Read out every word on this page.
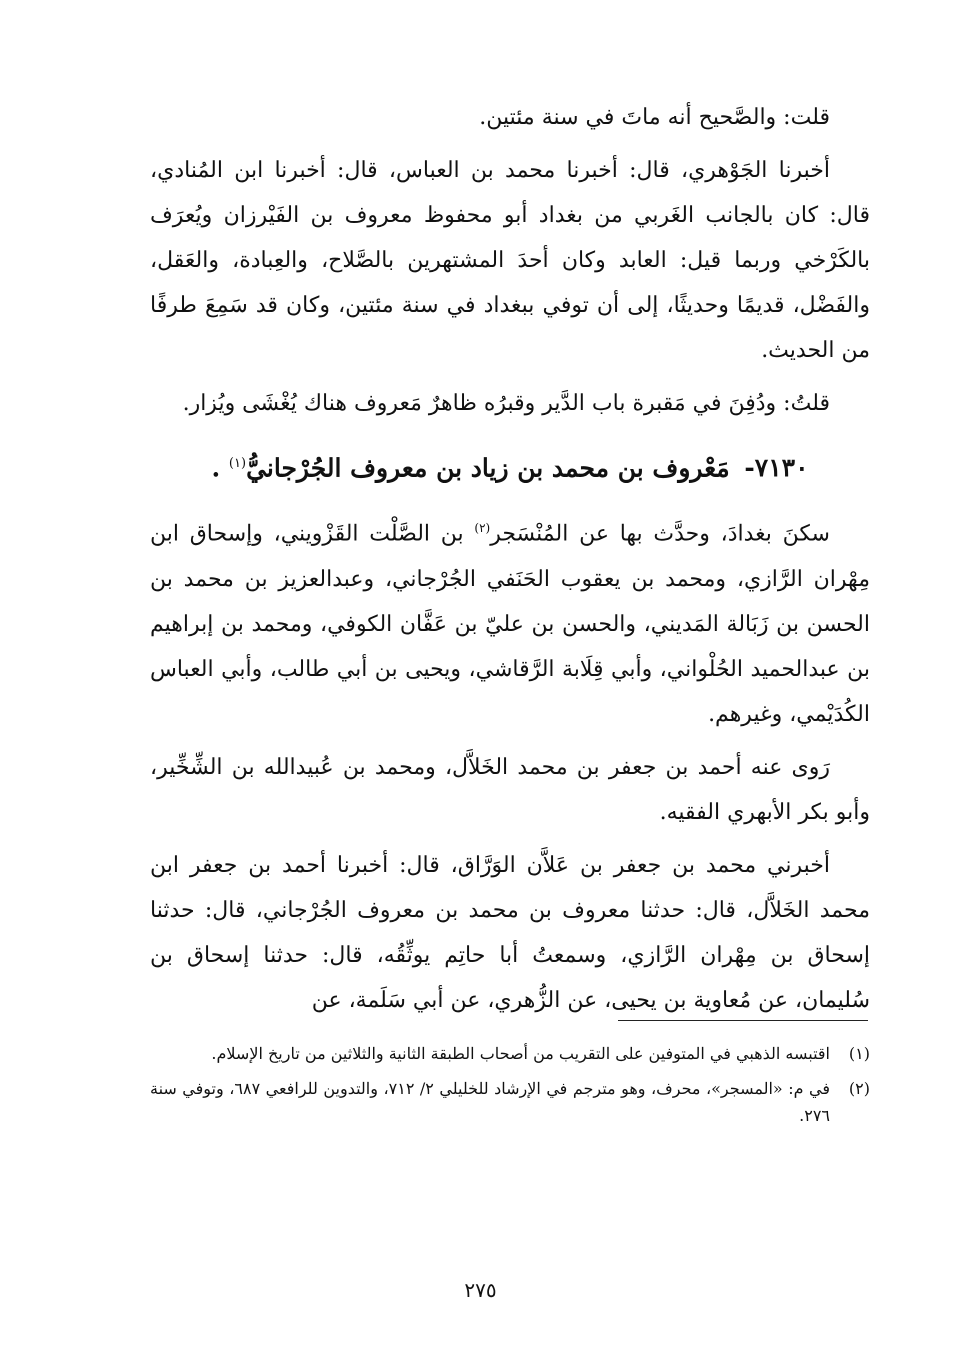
قلت: والصَّحيح أنه ماتَ في سنة مئتين.

أخبرنا الجَوْهري، قال: أخبرنا محمد بن العباس، قال: أخبرنا ابن المُنادي، قال: كان بالجانب الغَربي من بغداد أبو محفوظ معروف بن الفَيْرزان ويُعرَف بالكَرْخي وربما قيل: العابد وكان أحدَ المشتهرين بالصَّلاح، والعِبادة، والعَقل، والفَضْل، قديمًا وحديثًا، إلى أن توفي ببغداد في سنة مئتين، وكان قد سَمِعَ طرفًا من الحديث.

قلتُ: ودُفِنَ في مَقبرة باب الدَّير وقبرُه ظاهرٌ مَعروف هناك يُغْشَى ويُزار.

٧١٣٠- مَعْروف بن محمد بن زياد بن معروف الجُرْجانيُّ$^{(١)}$ .

سكنَ بغدادَ، وحدَّث بها عن المُنْسَجر$^{(٢)}$ بن الصَّلْت القَزْويني، وإسحاق ابن مِهْران الرَّازي، ومحمد بن يعقوب الحَنَفي الجُرْجاني، وعبدالعزيز بن محمد بن الحسن بن زَبَالة المَديني، والحسن بن عليّ بن عَفَّان الكوفي، ومحمد بن إبراهيم بن عبدالحميد الحُلْواني، وأبي قِلَابة الرَّقاشي، ويحيى بن أبي طالب، وأبي العباس الكُدَيْمي، وغيرهم.

رَوى عنه أحمد بن جعفر بن محمد الخَلاَّل، ومحمد بن عُبيدالله بن الشِّخِّير، وأبو بكر الأبهري الفقيه.

أخبرني محمد بن جعفر بن عَلاَّن الوَرَّاق، قال: أخبرنا أحمد بن جعفر ابن محمد الخَلاَّل، قال: حدثنا معروف بن محمد بن معروف الجُرْجاني، قال: حدثنا إسحاق بن مِهْران الرَّازي، وسمعتُ أبا حاتِم يوثِّقُه، قال: حدثنا إسحاق بن سُليمان، عن مُعاوية بن يحيى، عن الزُّهري، عن أبي سَلَمة، عن

(١)
اقتبسه الذهبي في المتوفين على التقريب من أصحاب الطبقة الثانية والثلاثين من تاريخ الإسلام.
(٢)
في م: «المسجر»، محرف، وهو مترجم في الإرشاد للخليلي ٢/ ٧١٢، والتدوين للرافعي ٦٨٧، وتوفي سنة ٢٧٦.
٢٧٥
